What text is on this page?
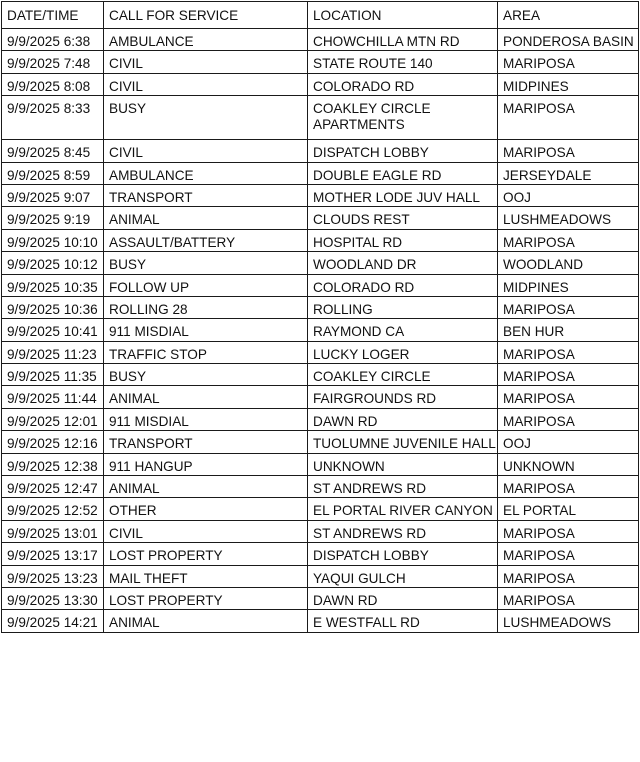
DATE/TIME	CALL FOR SERVICE	LOCATION	AREA
9/9/2025 6:38	AMBULANCE	CHOWCHILLA MTN RD	PONDEROSA BASIN
9/9/2025 7:48	CIVIL	STATE ROUTE 140	MARIPOSA
9/9/2025 8:08	CIVIL	COLORADO RD	MIDPINES
9/9/2025 8:33	BUSY	COAKLEY CIRCLE APARTMENTS	MARIPOSA
9/9/2025 8:45	CIVIL	DISPATCH LOBBY	MARIPOSA
9/9/2025 8:59	AMBULANCE	DOUBLE EAGLE RD	JERSEYDALE
9/9/2025 9:07	TRANSPORT	MOTHER LODE JUV HALL	OOJ
9/9/2025 9:19	ANIMAL	CLOUDS REST	LUSHMEADOWS
9/9/2025 10:10	ASSAULT/BATTERY	HOSPITAL RD	MARIPOSA
9/9/2025 10:12	BUSY	WOODLAND DR	WOODLAND
9/9/2025 10:35	FOLLOW UP	COLORADO RD	MIDPINES
9/9/2025 10:36	ROLLING 28	ROLLING	MARIPOSA
9/9/2025 10:41	911 MISDIAL	RAYMOND CA	BEN HUR
9/9/2025 11:23	TRAFFIC STOP	LUCKY LOGER	MARIPOSA
9/9/2025 11:35	BUSY	COAKLEY CIRCLE	MARIPOSA
9/9/2025 11:44	ANIMAL	FAIRGROUNDS RD	MARIPOSA
9/9/2025 12:01	911 MISDIAL	DAWN RD	MARIPOSA
9/9/2025 12:16	TRANSPORT	TUOLUMNE JUVENILE HALL	OOJ
9/9/2025 12:38	911 HANGUP	UNKNOWN	UNKNOWN
9/9/2025 12:47	ANIMAL	ST ANDREWS RD	MARIPOSA
9/9/2025 12:52	OTHER	EL PORTAL RIVER CANYON	EL PORTAL
9/9/2025 13:01	CIVIL	ST ANDREWS RD	MARIPOSA
9/9/2025 13:17	LOST PROPERTY	DISPATCH LOBBY	MARIPOSA
9/9/2025 13:23	MAIL THEFT	YAQUI GULCH	MARIPOSA
9/9/2025 13:30	LOST PROPERTY	DAWN RD	MARIPOSA
9/9/2025 14:21	ANIMAL	E WESTFALL RD	LUSHMEADOWS
